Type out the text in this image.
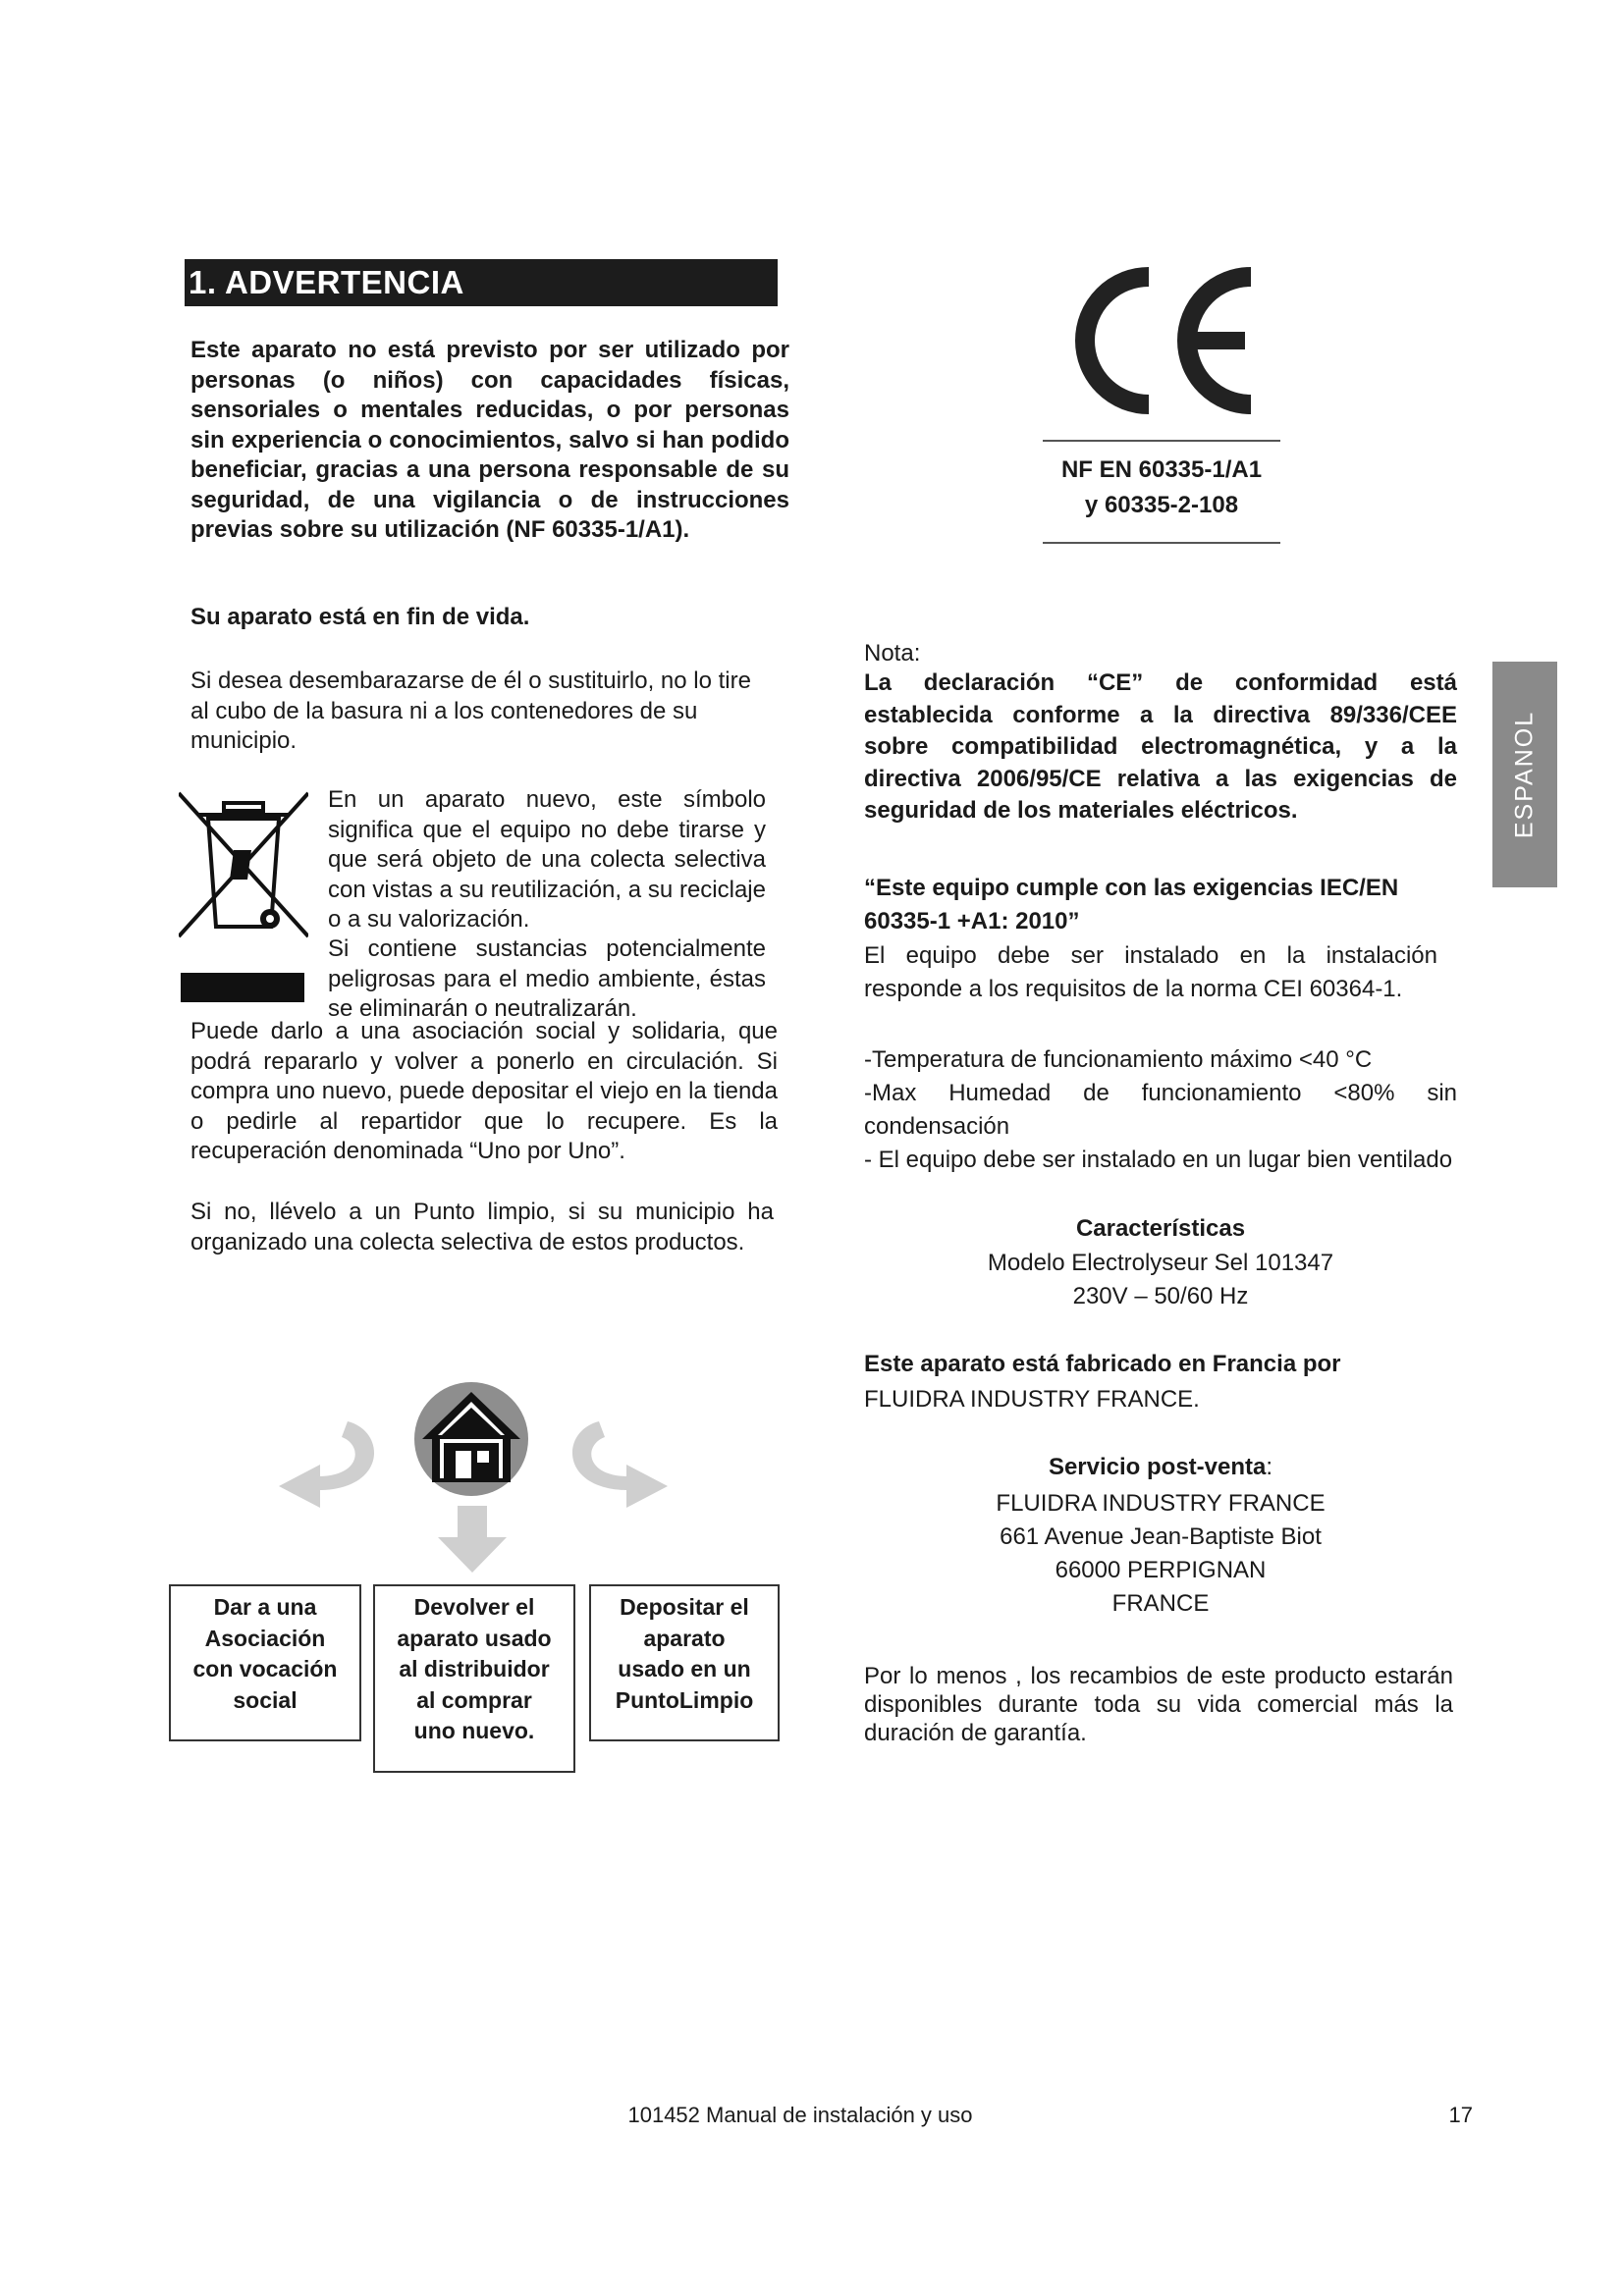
1. ADVERTENCIA
Este aparato no está previsto por ser utilizado por personas (o niños) con capacidades físicas, sensoriales o mentales reducidas, o por personas sin experiencia o conocimientos, salvo si han podido beneficiar, gracias a una persona responsable de su seguridad, de una vigilancia o de instrucciones previas sobre su utilización (NF 60335-1/A1).
Su aparato está en fin de vida.
Si desea desembarazarse de él o sustituirlo, no lo tire al cubo de la basura ni a los contenedores de su municipio.
En un aparato nuevo, este símbolo significa que el equipo no debe tirarse y que será objeto de una colecta selectiva con vistas a su reutilización, a su reciclaje o a su valorización.
Si contiene sustancias potencialmente peligrosas para el medio ambiente, éstas se eliminarán o neutralizarán.
Puede darlo a una asociación social y solidaria, que podrá repararlo y volver a ponerlo en circulación. Si compra uno nuevo, puede depositar el viejo en la tienda o pedirle al repartidor que lo recupere. Es la recuperación denominada “Uno por Uno”.
Si no, llévelo a un Punto limpio, si su municipio ha organizado una colecta selectiva de estos productos.
Dar a una
Asociación
con vocación
social
Devolver el
aparato usado
al distribuidor
al comprar
uno nuevo.
Depositar el
aparato
usado en un
PuntoLimpio
NF EN 60335-1/A1
y 60335-2-108
Nota:
La declaración “CE” de conformidad está establecida conforme a la directiva 89/336/CEE sobre compatibilidad electromagnética, y a la directiva 2006/95/CE relativa a las exigencias de seguridad de los materiales eléctricos.
“Este equipo cumple con las exigencias IEC/EN 60335-1 +A1: 2010”
El equipo debe ser instalado en la instalación responde a los requisitos de la norma CEI 60364-1.
-Temperatura de funcionamiento máximo <40 °C
-Max Humedad de funcionamiento <80% sin condensación
- El equipo debe ser instalado en un lugar bien ventilado
Características
Modelo Electrolyseur Sel 101347
230V – 50/60 Hz
Este aparato está fabricado en Francia por
FLUIDRA INDUSTRY FRANCE.
Servicio post-venta:
FLUIDRA INDUSTRY FRANCE
661 Avenue Jean-Baptiste Biot
66000 PERPIGNAN
FRANCE
Por lo menos , los recambios de este producto estarán disponibles durante toda su vida comercial más la duración de garantía.
ESPANOL
101452 Manual de instalación y uso	17
